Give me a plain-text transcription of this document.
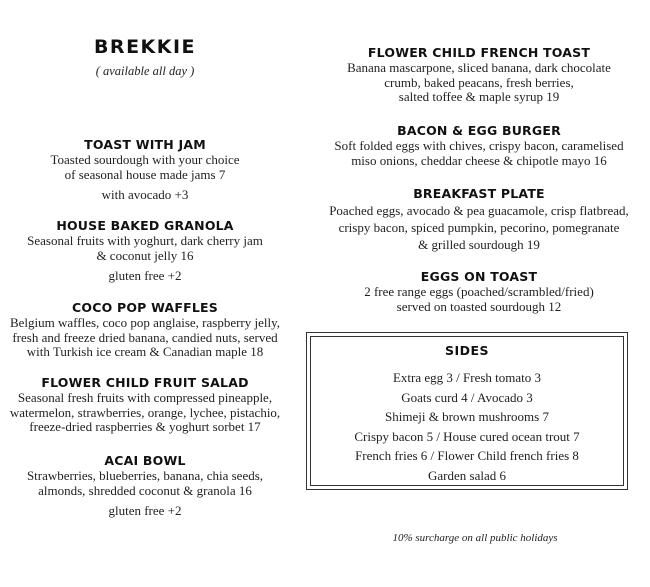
BREKKIE
( available all day )
TOAST WITH JAM
Toasted sourdough with your choice
of seasonal house made jams 7
with avocado +3
HOUSE BAKED GRANOLA
Seasonal fruits with yoghurt, dark cherry jam
& coconut jelly 16
gluten free +2
COCO POP WAFFLES
Belgium waffles, coco pop anglaise, raspberry jelly,
fresh and freeze dried banana, candied nuts, served
with Turkish ice cream & Canadian maple 18
FLOWER CHILD FRUIT SALAD
Seasonal fresh fruits with compressed pineapple,
watermelon, strawberries, orange, lychee, pistachio,
freeze-dried raspberries & yoghurt sorbet 17
ACAI BOWL
Strawberries, blueberries, banana, chia seeds,
almonds, shredded coconut & granola 16
gluten free +2
FLOWER CHILD FRENCH TOAST
Banana mascarpone, sliced banana, dark chocolate
crumb, baked peacans, fresh berries,
salted toffee & maple syrup 19
BACON & EGG BURGER
Soft folded eggs with chives, crispy bacon, caramelised
miso onions, cheddar cheese & chipotle mayo 16
BREAKFAST PLATE
Poached eggs, avocado & pea guacamole, crisp flatbread,
crispy bacon, spiced pumpkin, pecorino, pomegranate
& grilled sourdough 19
EGGS ON TOAST
2 free range eggs (poached/scrambled/fried)
served on toasted sourdough 12
SIDES
Extra egg 3 / Fresh tomato 3
Goats curd 4 / Avocado 3
Shimeji & brown mushrooms 7
Crispy bacon 5 / House cured ocean trout 7
French fries 6 / Flower Child french fries 8
Garden salad 6
10% surcharge on all public holidays
